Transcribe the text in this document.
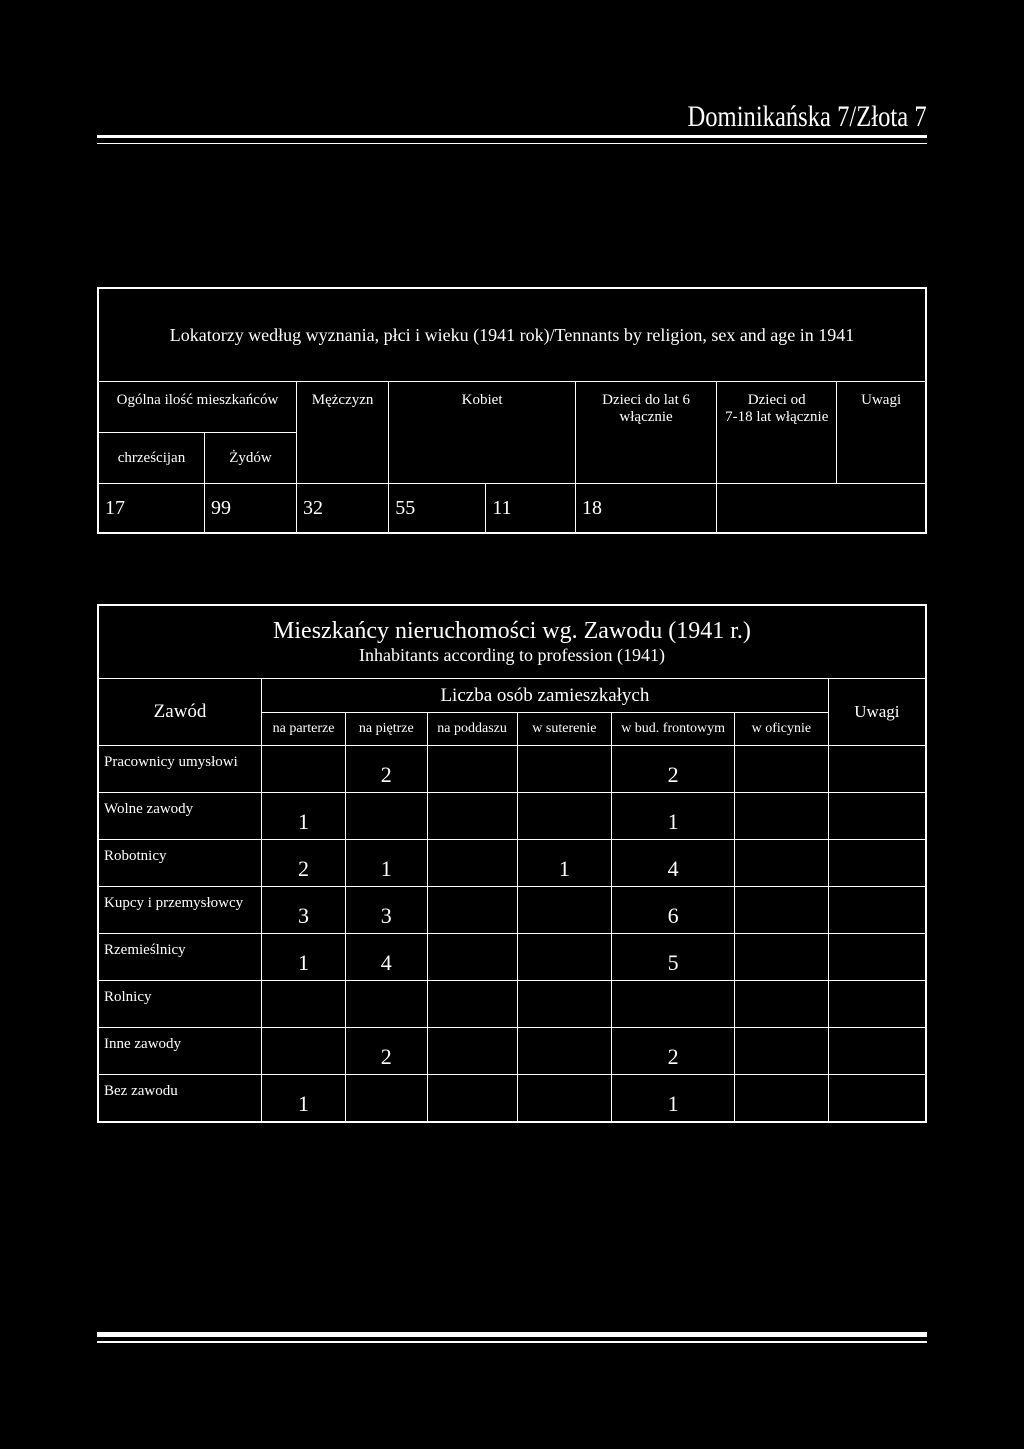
Dominikańska 7/Złota 7
Lokatorzy według wyznania, płci i wieku (1941 rok)/Tennants by religion, sex and age in 1941							
Ogólna ilość mieszkańców		Mężczyzn	Kobiet		Dzieci do lat 6 włącznie	Dzieci od
7-18 lat włącznie	Uwagi
chrześcijan	Żydów						
17	99	32	55	11	18		
Mieszkańcy nieruchomości wg. Zawodu (1941 r.)
Inhabitants according to profession (1941)							

Zawód	Liczba osób zamieszkałych						Uwagi
	na parterze	na piętrze	na poddaszu	w suterenie	w bud. frontowym	w oficynie	
Pracownicy umysłowi		2			2		
Wolne zawody	1				1		
Robotnicy	2	1		1	4		
Kupcy i przemysłowcy	3	3			6		
Rzemieślnicy	1	4			5		
Rolnicy							
Inne zawody		2			2		
Bez zawodu	1				1		
